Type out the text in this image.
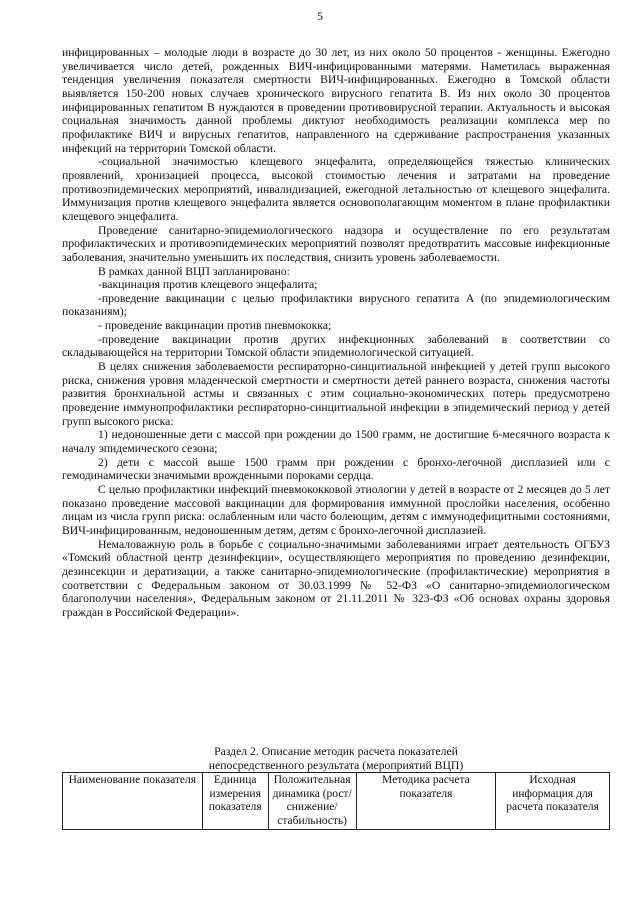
5

инфицированных – молодые люди в возрасте до 30 лет, из них около 50 процентов - женщины. Ежегодно увеличивается число детей, рожденных ВИЧ-инфицированными матерями. Наметилась выраженная тенденция увеличения показателя смертности ВИЧ-инфицированных. Ежегодно в Томской области выявляется 150-200 новых случаев хронического вирусного гепатита В. Из них около 30 процентов инфицированных гепатитом В нуждаются в проведении противовирусной терапии. Актуальность и высокая социальная значимость данной проблемы диктуют необходимость реализации комплекса мер по профилактике ВИЧ и вирусных гепатитов, направленного на сдерживание распространения указанных инфекций на территории Томской области.

-социальной значимостью клещевого энцефалита, определяющейся тяжестью клинических проявлений, хронизацией процесса, высокой стоимостью лечения и затратами на проведение противоэпидемических мероприятий, инвалидизацией, ежегодной летальностью от клещевого энцефалита. Иммунизация против клещевого энцефалита является основополагающим моментом в плане профилактики клещевого энцефалита.

Проведение санитарно-эпидемиологического надзора и осуществление по его результатам профилактических и противоэпидемических мероприятий позволят предотвратить массовые инфекционные заболевания, значительно уменьшить их последствия, снизить уровень заболеваемости.

В рамках данной ВЦП запланировано:

-вакцинация против клещевого энцефалита;

-проведение вакцинации с целью профилактики вирусного гепатита А (по эпидемиологическим показаниям);

- проведение вакцинации против пневмококка;

-проведение вакцинации против других инфекционных заболеваний в соответствии со складывающейся на территории Томской области эпидемиологической ситуацией.

В целях снижения заболеваемости респираторно-синцитиальной инфекцией у детей групп высокого риска, снижения уровня младенческой смертности и смертности детей раннего возраста, снижения частоты развития бронхиальной астмы и связанных с этим социально-экономических потерь предусмотрено проведение иммунопрофилактики респираторно-синцитиальной инфекции в эпидемический период у детей групп высокого риска:

1) недоношенные дети с массой при рождении до 1500 грамм, не достигшие 6-месячного возраста к началу эпидемического сезона;

2) дети с массой выше 1500 грамм при рождении с бронхо-легочной дисплазией или с гемодинамически значимыми врожденными пороками сердца.

С целью профилактики инфекций пневмококковой этиологии у детей в возрасте от 2 месяцев до 5 лет показано проведение массовой вакцинации для формирования иммунной прослойки населения, особенно лицам из числа групп риска: ослабленным или часто болеющим, детям с иммунодефицитными состояниями, ВИЧ-инфицированным, недоношенным детям, детям с бронхо-легочной дисплазией.

Немаловажную роль в борьбе с социально-значимыми заболеваниями играет деятельность ОГБУЗ «Томский областной центр дезинфекции», осуществляющего мероприятия по проведению дезинфекции, дезинсекции и дератизации, а также санитарно-эпидемиологические (профилактические) мероприятия в соответствии с Федеральным законом от 30.03.1999 № 52-ФЗ «О санитарно-эпидемиологическом благополучии населения», Федеральным законом от 21.11.2011 № 323-ФЗ «Об основах охраны здоровья граждан в Российской Федерации».

Раздел 2. Описание методик расчета показателей
непосредственного результата (мероприятий ВЦП)
Наименование показателя	Единица измерения показателя	Положительная динамика (рост/снижение/ стабильность)	Методика расчета показателя	Исходная информация для расчета показателя
